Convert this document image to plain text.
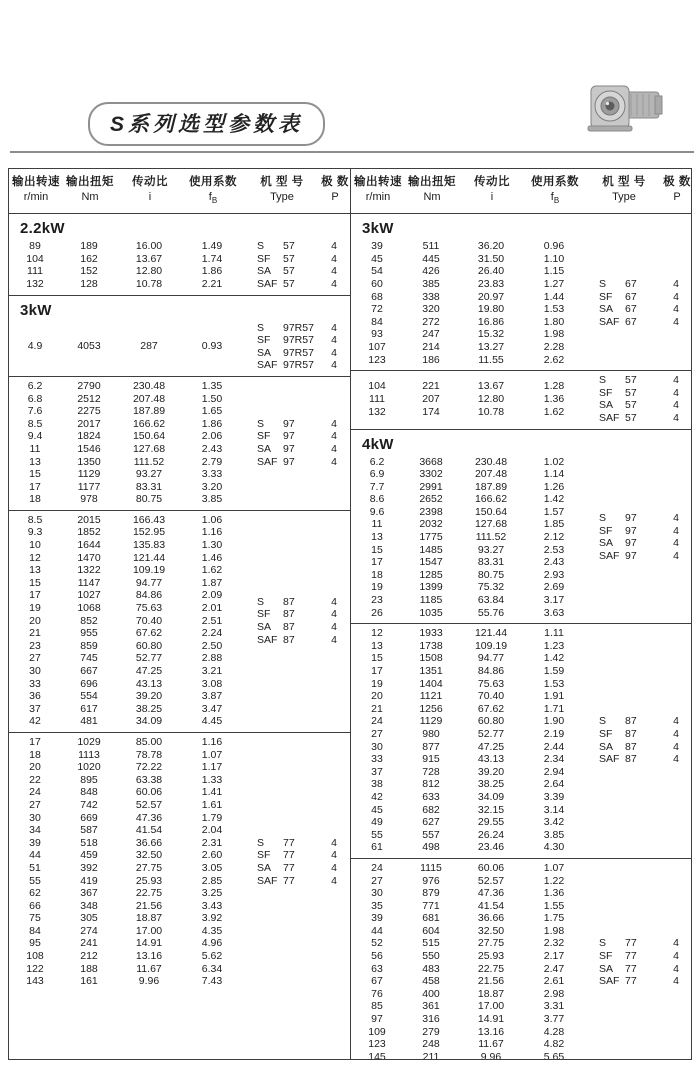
S系列选型参数表
输出转速
r/min
输出扭矩
Nm
传动比
i
使用系数
$f_B$
机 型 号
Type
极 数
P
2.2kW
89	189	16.00	1.49
104	162	13.67	1.74
111	152	12.80	1.86
132	128	10.78	2.21
S 57	4
SF 57	4
SA 57	4
SAF 57	4
3kW
4.9	4053	287	0.93
S 97R57	4
SF 97R57	4
SA 97R57	4
SAF 97R57	4
6.2	2790	230.48	1.35
6.8	2512	207.48	1.50
7.6	2275	187.89	1.65
8.5	2017	166.62	1.86
9.4	1824	150.64	2.06
11	1546	127.68	2.43
13	1350	111.52	2.79
15	1129	93.27	3.33
17	1177	83.31	3.20
18	978	80.75	3.85
S 97	4
SF 97	4
SA 97	4
SAF 97	4
8.5	2015	166.43	1.06
9.3	1852	152.95	1.16
10	1644	135.83	1.30
12	1470	121.44	1.46
13	1322	109.19	1.62
15	1147	94.77	1.87
17	1027	84.86	2.09
19	1068	75.63	2.01
20	852	70.40	2.51
21	955	67.62	2.24
23	859	60.80	2.50
27	745	52.77	2.88
30	667	47.25	3.21
33	696	43.13	3.08
36	554	39.20	3.87
37	617	38.25	3.47
42	481	34.09	4.45
S 87	4
SF 87	4
SA 87	4
SAF 87	4
17	1029	85.00	1.16
18	1113	78.78	1.07
20	1020	72.22	1.17
22	895	63.38	1.33
24	848	60.06	1.41
27	742	52.57	1.61
30	669	47.36	1.79
34	587	41.54	2.04
39	518	36.66	2.31
44	459	32.50	2.60
51	392	27.75	3.05
55	419	25.93	2.85
62	367	22.75	3.25
66	348	21.56	3.43
75	305	18.87	3.92
84	274	17.00	4.35
95	241	14.91	4.96
108	212	13.16	5.62
122	188	11.67	6.34
143	161	9.96	7.43
S 77	4
SF 77	4
SA 77	4
SAF 77	4
输出转速
r/min
输出扭矩
Nm
传动比
i
使用系数
$f_B$
机 型 号
Type
极 数
P
3kW
39	511	36.20	0.96
45	445	31.50	1.10
54	426	26.40	1.15
60	385	23.83	1.27
68	338	20.97	1.44
72	320	19.80	1.53
84	272	16.86	1.80
93	247	15.32	1.98
107	214	13.27	2.28
123	186	11.55	2.62
S 67	4
SF 67	4
SA 67	4
SAF 67	4
104	221	13.67	1.28
111	207	12.80	1.36
132	174	10.78	1.62
S 57	4
SF 57	4
SA 57	4
SAF 57	4
4kW
6.2	3668	230.48	1.02
6.9	3302	207.48	1.14
7.7	2991	187.89	1.26
8.6	2652	166.62	1.42
9.6	2398	150.64	1.57
11	2032	127.68	1.85
13	1775	111.52	2.12
15	1485	93.27	2.53
17	1547	83.31	2.43
18	1285	80.75	2.93
19	1399	75.32	2.69
23	1185	63.84	3.17
26	1035	55.76	3.63
S 97	4
SF 97	4
SA 97	4
SAF 97	4
12	1933	121.44	1.11
13	1738	109.19	1.23
15	1508	94.77	1.42
17	1351	84.86	1.59
19	1404	75.63	1.53
20	1121	70.40	1.91
21	1256	67.62	1.71
24	1129	60.80	1.90
27	980	52.77	2.19
30	877	47.25	2.44
33	915	43.13	2.34
37	728	39.20	2.94
38	812	38.25	2.64
42	633	34.09	3.39
45	682	32.15	3.14
49	627	29.55	3.42
55	557	26.24	3.85
61	498	23.46	4.30
S 87	4
SF 87	4
SA 87	4
SAF 87	4
24	1115	60.06	1.07
27	976	52.57	1.22
30	879	47.36	1.36
35	771	41.54	1.55
39	681	36.66	1.75
44	604	32.50	1.98
52	515	27.75	2.32
56	550	25.93	2.17
63	483	22.75	2.47
67	458	21.56	2.61
76	400	18.87	2.98
85	361	17.00	3.31
97	316	14.91	3.77
109	279	13.16	4.28
123	248	11.67	4.82
145	211	9.96	5.65
S 77	4
SF 77	4
SA 77	4
SAF 77	4
